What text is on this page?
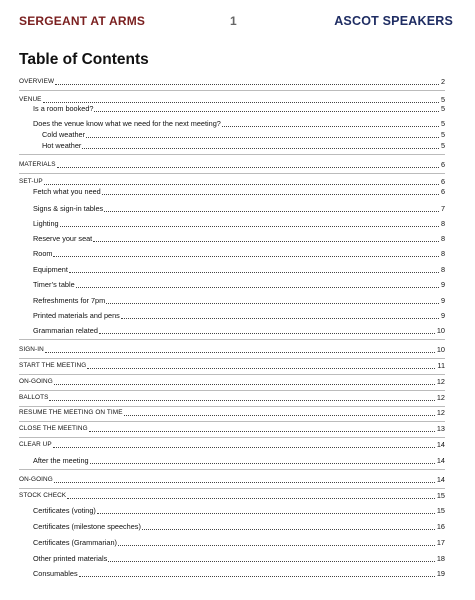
SERGEANT AT ARMS	1	ASCOT SPEAKERS
Table of Contents
OVERVIEW	2
VENUE	5
Is a room booked?	5
Does the venue know what we need for the next meeting?	5
Cold weather	5
Hot weather	5
MATERIALS	6
SET-UP	6
Fetch what you need	6
Signs & sign-in tables	7
Lighting	8
Reserve your seat	8
Room	8
Equipment	8
Timer’s table	9
Refreshments for 7pm	9
Printed materials and pens	9
Grammarian related	10
SIGN-IN	10
START THE MEETING	11
ON-GOING	12
BALLOTS	12
RESUME THE MEETING ON TIME	12
CLOSE THE MEETING	13
CLEAR UP	14
After the meeting	14
ON-GOING	14
STOCK CHECK	15
Certificates (voting)	15
Certificates (milestone speeches)	16
Certificates (Grammarian)	17
Other printed materials	18
Consumables	19
